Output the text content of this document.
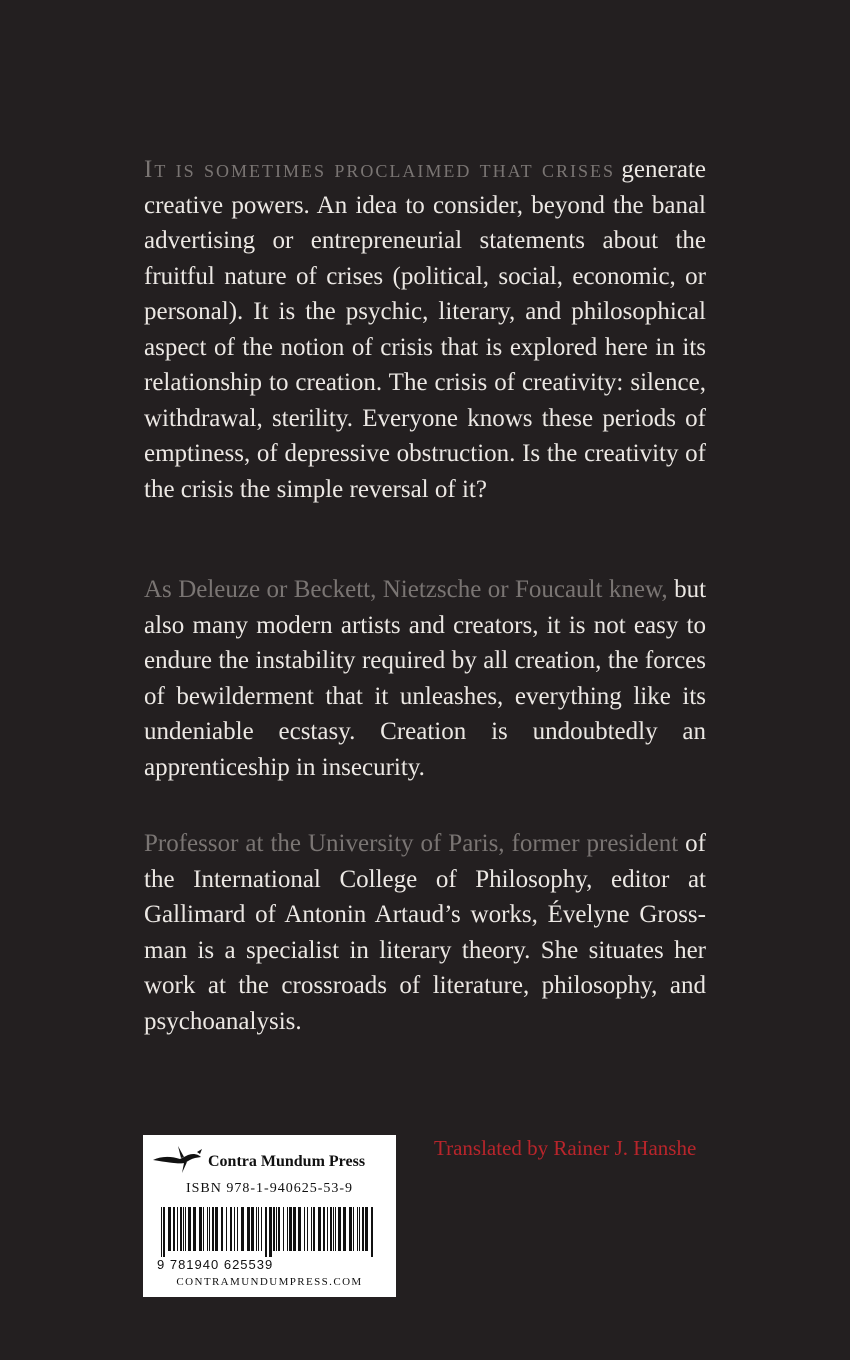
It is sometimes proclaimed that crises generate creative powers. An idea to consider, beyond the banal advertising or entrepreneurial statements about the fruitful nature of crises (political, social, economic, or personal). It is the psychic, literary, and philosophical aspect of the notion of crisis that is explored here in its relationship to creation. The crisis of creativity: silence, withdrawal, sterility. Everyone knows these periods of emptiness, of depressive obstruction. Is the creativity of the crisis the simple reversal of it?

As Deleuze or Beckett, Nietzsche or Foucault knew, but also many modern artists and creators, it is not easy to endure the instability required by all creation, the forces of bewilderment that it unleashes, everything like its undeniable ecstasy. Creation is undoubtedly an apprenticeship in insecurity.

Professor at the University of Paris, former president of the International College of Philosophy, editor at Gallimard of Antonin Artaud’s works, Évelyne Grossman is a specialist in literary theory. She situates her work at the crossroads of literature, philosophy, and psychoanalysis.

Contra Mundum Press
ISBN 978-1-940625-53-9
9 781940 625539
CONTRAMUNDUMPRESS.COM

Translated by Rainer J. Hanshe
